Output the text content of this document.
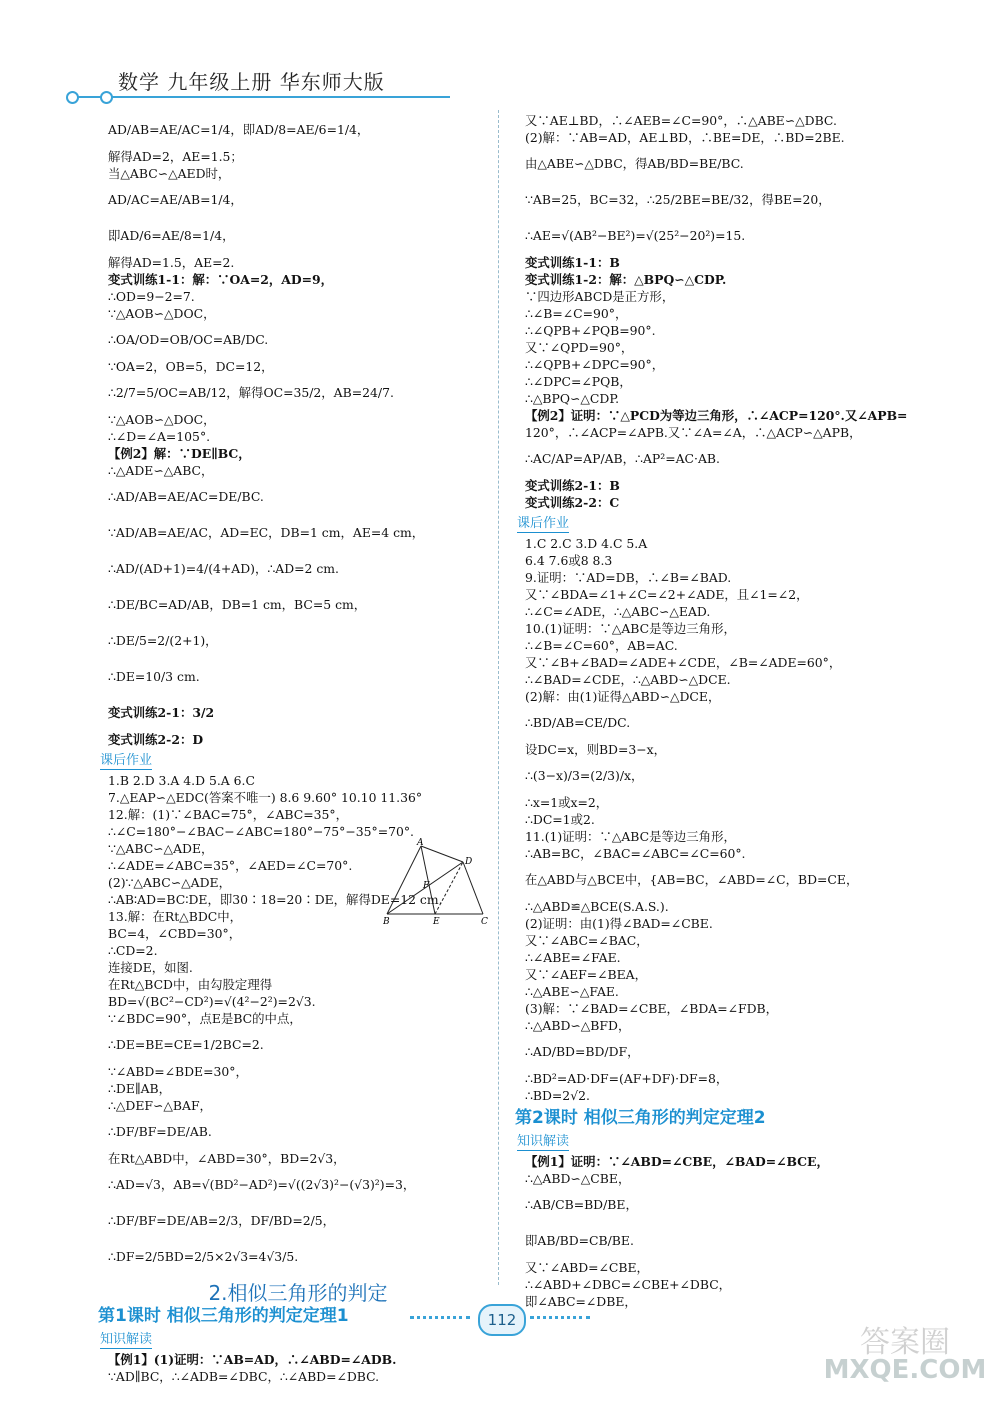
数学 九年级上册 华东师大版
AD/AB=AE/AC=1/4，即AD/8=AE/6=1/4，
解得AD=2，AE=1.5；
当△ABC∽△AED时，
AD/AC=AE/AB=1/4，
即AD/6=AE/8=1/4，
解得AD=1.5，AE=2.
变式训练1-1：解：∵OA=2，AD=9，
∴OD=9−2=7.
∵△AOB∽△DOC，
∴OA/OD=OB/OC=AB/DC.
∵OA=2，OB=5，DC=12，
∴2/7=5/OC=AB/12，解得OC=35/2，AB=24/7.
∵△AOB∽△DOC，
∴∠D=∠A=105°.
【例2】解：∵DE∥BC，
∴△ADE∽△ABC，
∴AD/AB=AE/AC=DE/BC.
∵AD/AB=AE/AC，AD=EC，DB=1 cm，AE=4 cm，
∴AD/(AD+1)=4/(4+AD)，∴AD=2 cm.
∴DE/BC=AD/AB，DB=1 cm，BC=5 cm，
∴DE/5=2/(2+1)，
∴DE=10/3 cm.
变式训练2-1：3/2
变式训练2-2：D
课后作业
1.B 2.D 3.A 4.D 5.A 6.C
7.△EAP∽△EDC(答案不唯一) 8.6 9.60° 10.10 11.36°
12.解：(1)∵∠BAC=75°，∠ABC=35°，
∴∠C=180°−∠BAC−∠ABC=180°−75°−35°=70°.
∵△ABC∽△ADE，
∴∠ADE=∠ABC=35°，∠AED=∠C=70°.
(2)∵△ABC∽△ADE，
∴AB∶AD=BC∶DE，即30∶18=20∶DE，解得DE=12 cm.
13.解：在Rt△BDC中，
BC=4，∠CBD=30°，
∴CD=2.
连接DE，如图.
在Rt△BCD中，由勾股定理得
BD=√(BC²−CD²)=√(4²−2²)=2√3.
∵∠BDC=90°，点E是BC的中点，
∴DE=BE=CE=1/2BC=2.
∵∠ABD=∠BDE=30°，
∴DE∥AB，
∴△DEF∽△BAF，
∴DF/BF=DE/AB.
在Rt△ABD中，∠ABD=30°，BD=2√3，
∴AD=√3，AB=√(BD²−AD²)=√((2√3)²−(√3)²)=3，
∴DF/BF=DE/AB=2/3，DF/BD=2/5，
∴DF=2/5BD=2/5×2√3=4√3/5.
2.相似三角形的判定
第1课时 相似三角形的判定定理1
知识解读
【例1】(1)证明：∵AB=AD，∴∠ABD=∠ADB.
∵AD∥BC，∴∠ADB=∠DBC，∴∠ABD=∠DBC.
又∵AE⊥BD，∴∠AEB=∠C=90°，∴△ABE∽△DBC.
(2)解：∵AB=AD，AE⊥BD，∴BE=DE，∴BD=2BE.
由△ABE∽△DBC，得AB/BD=BE/BC.
∵AB=25，BC=32，∴25/2BE=BE/32，得BE=20，
∴AE=√(AB²−BE²)=√(25²−20²)=15.
变式训练1-1：B
变式训练1-2：解：△BPQ∽△CDP.
∵四边形ABCD是正方形，
∴∠B=∠C=90°，
∴∠QPB+∠PQB=90°.
又∵∠QPD=90°，
∴∠QPB+∠DPC=90°，
∴∠DPC=∠PQB，
∴△BPQ∽△CDP.
【例2】证明：∵△PCD为等边三角形，∴∠ACP=120°.又∠APB=
120°，∴∠ACP=∠APB.又∵∠A=∠A，∴△ACP∽△APB，
∴AC/AP=AP/AB，∴AP²=AC·AB.
变式训练2-1：B
变式训练2-2：C
课后作业
1.C 2.C 3.D 4.C 5.A
6.4 7.6或8 8.3
9.证明：∵AD=DB，∴∠B=∠BAD.
又∵∠BDA=∠1+∠C=∠2+∠ADE，且∠1=∠2，
∴∠C=∠ADE，∴△ABC∽△EAD.
10.(1)证明：∵△ABC是等边三角形，
∴∠B=∠C=60°，AB=AC.
又∵∠B+∠BAD=∠ADE+∠CDE，∠B=∠ADE=60°，
∴∠BAD=∠CDE，∴△ABD∽△DCE.
(2)解：由(1)证得△ABD∽△DCE，
∴BD/AB=CE/DC.
设DC=x，则BD=3−x，
∴(3−x)/3=(2/3)/x，
∴x=1或x=2，
∴DC=1或2.
11.(1)证明：∵△ABC是等边三角形，
∴AB=BC，∠BAC=∠ABC=∠C=60°.
在△ABD与△BCE中，{AB=BC，∠ABD=∠C，BD=CE，
∴△ABD≌△BCE(S.A.S.).
(2)证明：由(1)得∠BAD=∠CBE.
又∵∠ABC=∠BAC，
∴∠ABE=∠FAE.
又∵∠AEF=∠BEA，
∴△ABE∽△FAE.
(3)解：∵∠BAD=∠CBE，∠BDA=∠FDB，
∴△ABD∽△BFD，
∴AD/BD=BD/DF，
∴BD²=AD·DF=(AF+DF)·DF=8，
∴BD=2√2.
第2课时 相似三角形的判定定理2
知识解读
【例1】证明：∵∠ABD=∠CBE，∠BAD=∠BCE，
∴△ABD∽△CBE，
∴AB/CB=BD/BE，
即AB/BD=CB/BE.
又∵∠ABD=∠CBE，
∴∠ABD+∠DBC=∠CBE+∠DBC，
即∠ABC=∠DBE，
A
D
F
B	E	C
112
答案圈
MXQE.COM
